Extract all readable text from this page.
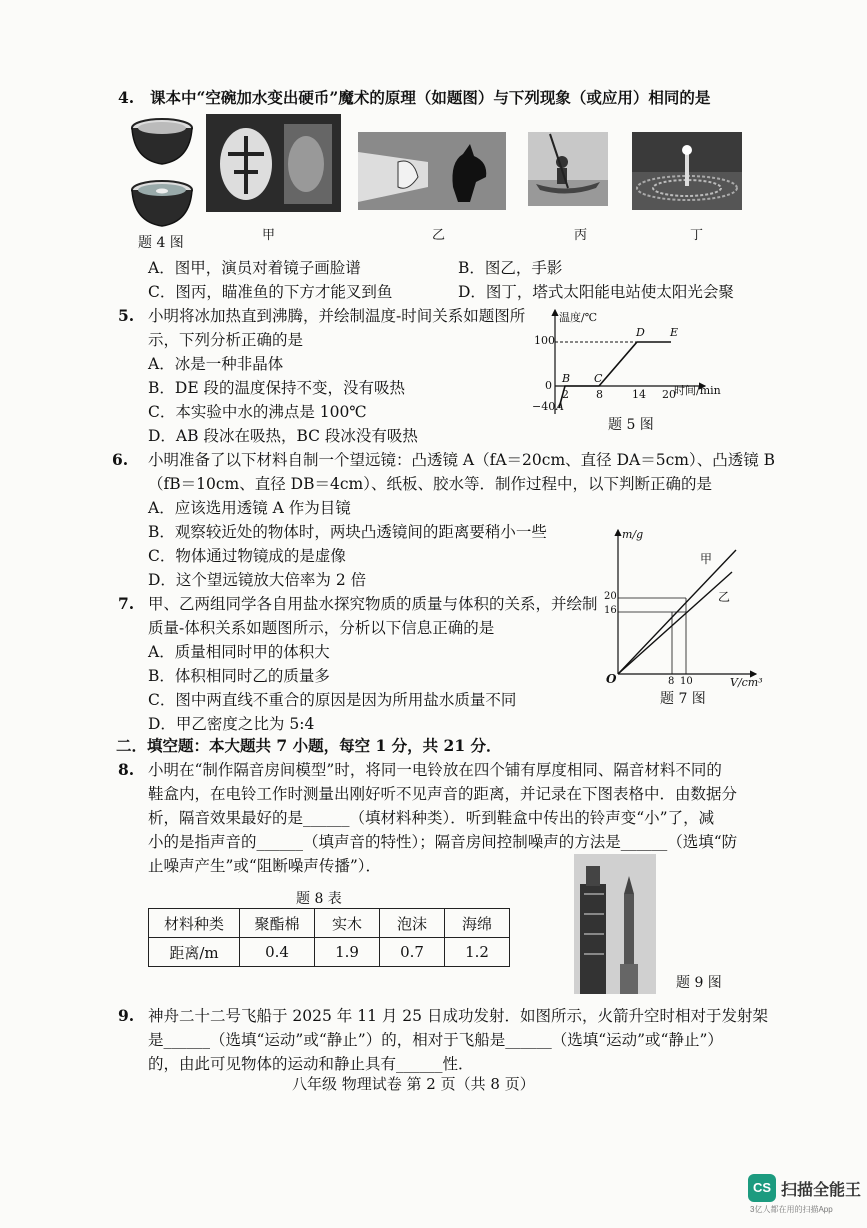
4. 课本中“空碗加水变出硬币”魔术的原理（如题图）与下列现象（或应用）相同的是
题 4 图	甲	乙	丙	丁
A．图甲，演员对着镜子画脸谱	B．图乙，手影
C．图丙，瞄准鱼的下方才能叉到鱼	D．图丁，塔式太阳能电站使太阳光会聚
5. 小明将冰加热直到沸腾，并绘制温度-时间关系如题图所
示，下列分析正确的是
A．冰是一种非晶体
B．DE 段的温度保持不变，没有吸热
C．本实验中水的沸点是 100℃
D．AB 段冰在吸热，BC 段冰没有吸热
温度/℃
时间/min
100
0
−40
2 8	14 20
A
B C
D E
题 5 图
6. 小明准备了以下材料自制一个望远镜：凸透镜 A（fA＝20cm、直径 DA＝5cm）、凸透镜 B
（fB＝10cm、直径 DB＝4cm）、纸板、胶水等．制作过程中，以下判断正确的是
A．应该选用透镜 A 作为目镜
B．观察较近处的物体时，两块凸透镜间的距离要稍小一些
C．物体通过物镜成的是虚像
D．这个望远镜放大倍率为 2 倍
7. 甲、乙两组同学各自用盐水探究物质的质量与体积的关系，并绘制
质量-体积关系如题图所示，分析以下信息正确的是
A．质量相同时甲的体积大
B．体积相同时乙的质量多
C．图中两直线不重合的原因是因为所用盐水质量不同
D．甲乙密度之比为 5:4
m/g
V/cm³
20
16
8 10
O
甲
乙
题 7 图
二．填空题：本大题共 7 小题，每空 1 分，共 21 分．
8. 小明在“制作隔音房间模型”时，将同一电铃放在四个铺有厚度相同、隔音材料不同的
鞋盒内，在电铃工作时测量出刚好听不见声音的距离，并记录在下图表格中．由数据分
析，隔音效果最好的是______（填材料种类）．听到鞋盒中传出的铃声变“小”了，减
小的是指声音的______（填声音的特性）；隔音房间控制噪声的方法是______（选填“防
止噪声产生”或“阻断噪声传播”）．
题 8 表
材料种类	聚酯棉	实木	泡沫	海绵
距离/m	0.4	1.9	0.7	1.2
题 9 图
9. 神舟二十二号飞船于 2025 年 11 月 25 日成功发射．如图所示，火箭升空时相对于发射架
是______（选填“运动”或“静止”）的，相对于飞船是______（选填“运动”或“静止”）
的，由此可见物体的运动和静止具有______性．
八年级 物理试卷 第 2 页（共 8 页）
CS 扫描全能王
3亿人都在用的扫描App
